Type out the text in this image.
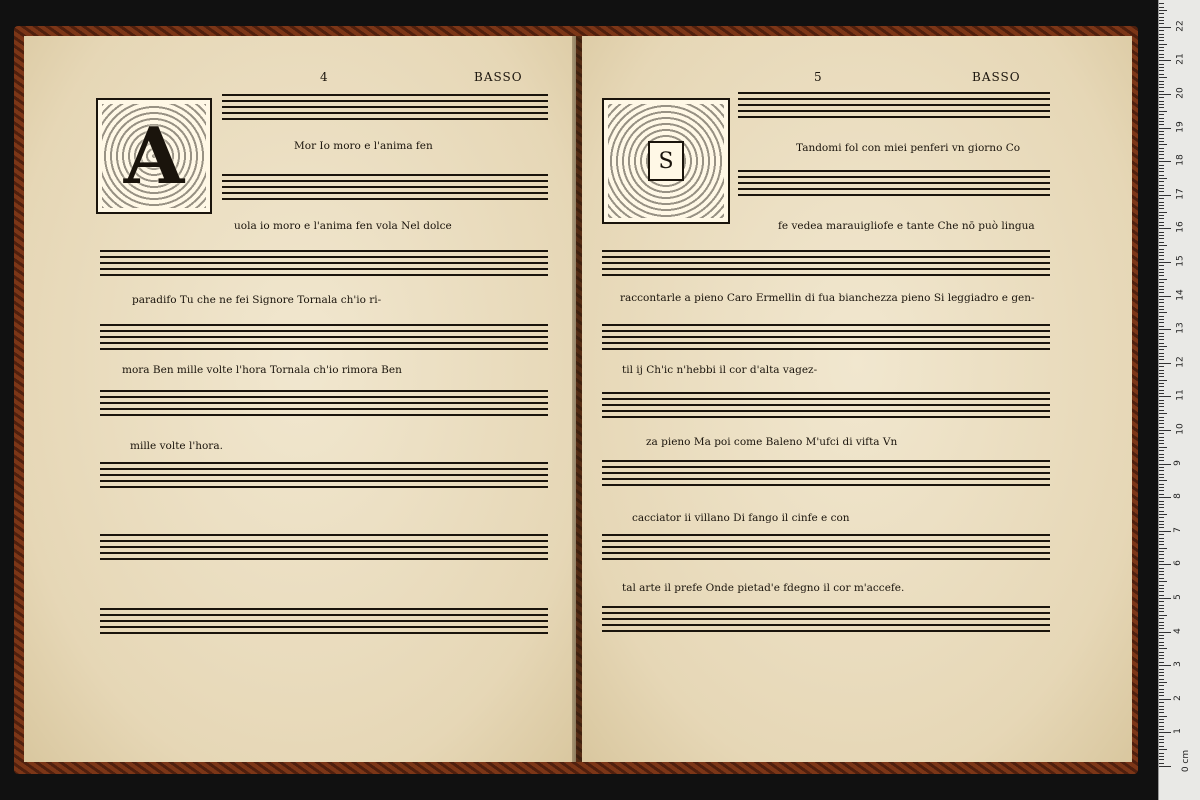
4	BASSO
A	Mor Io moro e l'anima fen
uola io moro e l'anima fen vola Nel dolce
paradifo Tu che ne fei Signore Tornala ch'io ri-
mora Ben mille volte l'hora Tornala ch'io rimora Ben
mille volte l'hora.
5	BASSO
S
Tandomi fol con miei penferi vn giorno Co
fe vedea marauigliofe e tante Che nō può lingua
raccontarle a pieno Caro Ermellin di fua bianchezza pieno Si leggiadro e gen-
til ij Ch'ic n'hebbi il cor d'alta vagez-
za pieno Ma poi come Baleno M'ufci di vifta Vn
cacciator ii villano Di fango il cinfe e con
tal arte il prefe Onde pietad'e fdegno il cor m'accefe.
0 cm
1
2
3
4
5
6
7
8
9
10
11
12
13
14
15
16
17
18
19
20
21
22
